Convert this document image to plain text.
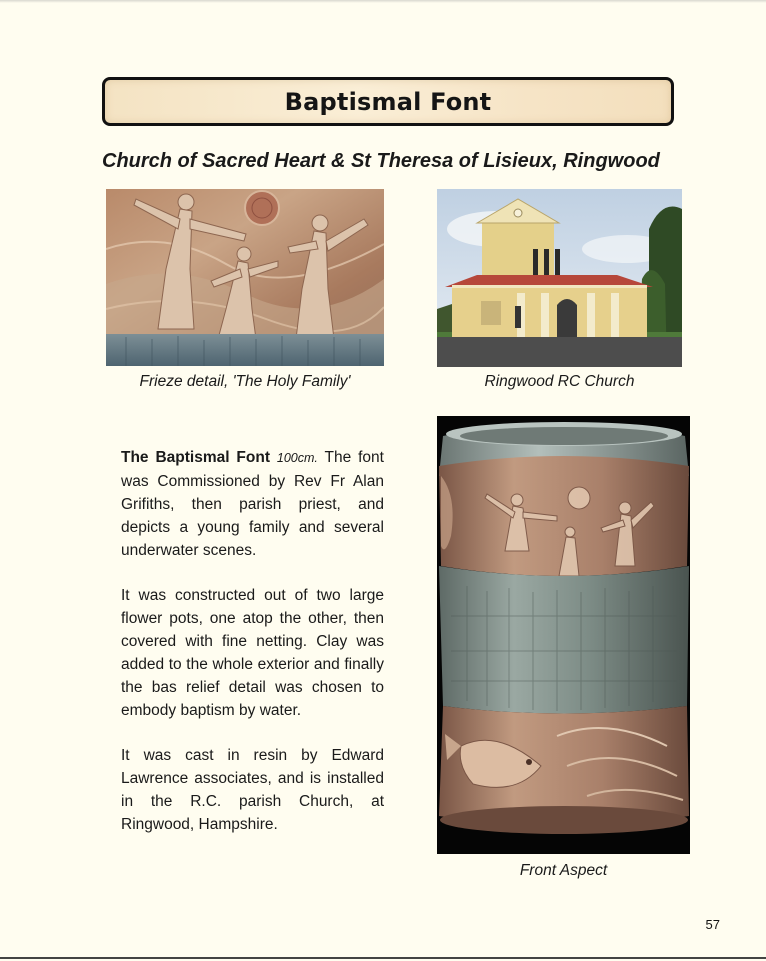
Baptismal Font
Church of Sacred Heart & St Theresa of Lisieux, Ringwood
Frieze detail, 'The Holy Family'	Ringwood RC Church
The Baptismal Font 100cm. The font was Commissioned by Rev Fr Alan Grifiths, then parish priest, and depicts a young family and several underwater scenes.
It was constructed out of two large flower pots, one atop the other, then covered with fine netting. Clay was added to the whole exterior and finally the bas relief detail was chosen to embody baptism by water.
It was cast in resin by Edward Lawrence associates, and is installed in the R.C. parish Church, at Ringwood, Hampshire.
Front Aspect
57
